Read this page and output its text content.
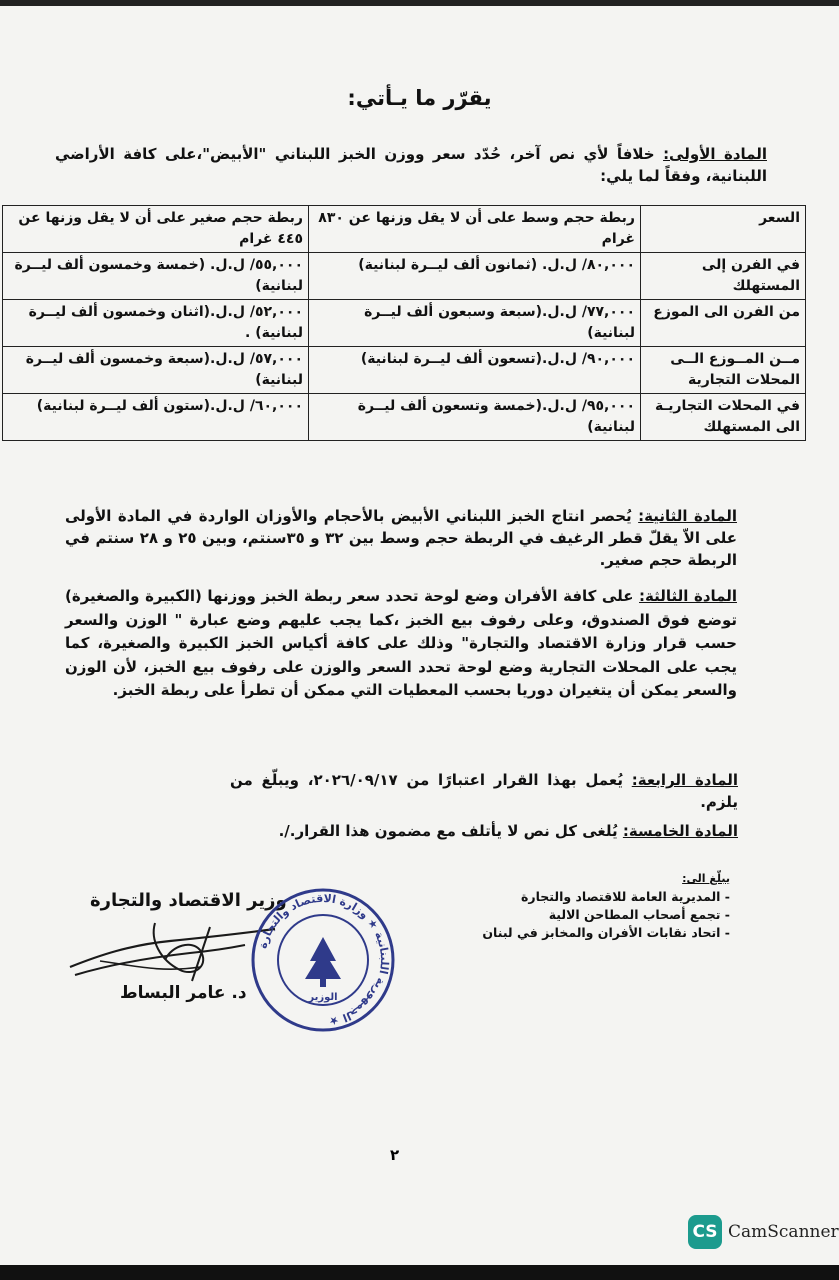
يقرّر ما يـأتي:
المادة الأولى: خلافاً لأي نص آخر، حُدّد سعر ووزن الخبز اللبناني "الأبيض"،على كافة الأراضي اللبنانية، وفقاً لما يلي:
السعر	ربطة حجم وسط على أن لا يقل وزنها عن ٨٣٠ غرام	ربطة حجم صغير على أن لا يقل وزنها عن ٤٤٥ غرام
في الفرن إلى المستهلك	٨٠,٠٠٠/ ل.ل. (ثمانون ألف ليــرة لبنانية)	٥٥,٠٠٠/ ل.ل. (خمسة وخمسون ألف ليــرة لبنانية)
من الفرن الى الموزع	٧٧,٠٠٠/ ل.ل.(سبعة وسبعون ألف ليــرة لبنانية)	٥٢,٠٠٠/ ل.ل.(اثنان وخمسون ألف ليــرة لبنانية) .
مــن المــوزع الــى المحلات التجارية	٩٠,٠٠٠/ ل.ل.(تسعون ألف ليــرة لبنانية)	٥٧,٠٠٠/ ل.ل.(سبعة وخمسون ألف ليــرة لبنانية)
في المحلات التجاريـة الى المستهلك	٩٥,٠٠٠/ ل.ل.(خمسة وتسعون ألف ليــرة لبنانية)	٦٠,٠٠٠/ ل.ل.(ستون ألف ليــرة لبنانية)
المادة الثانية: يُحصر انتاج الخبز اللبناني الأبيض بالأحجام والأوزان الواردة في المادة الأولى على الاّ يقلّ قطر الرغيف في الربطة حجم وسط بين ٣٢ و ٣٥سنتم، وبين ٢٥ و ٢٨ سنتم في الربطة حجم صغير.
المادة الثالثة: على كافة الأفران وضع لوحة تحدد سعر ربطة الخبز ووزنها (الكبيرة والصغيرة) توضع فوق الصندوق، وعلى رفوف بيع الخبز ،كما يجب عليهم وضع عبارة " الوزن والسعر حسب قرار وزارة الاقتصاد والتجارة" وذلك على كافة أكياس الخبز الكبيرة والصغيرة، كما يجب على المحلات التجارية وضع لوحة تحدد السعر والوزن على رفوف بيع الخبز، لأن الوزن والسعر يمكن أن يتغيران دوريا بحسب المعطيات التي ممكن أن تطرأ على ربطة الخبز.
المادة الرابعة: يُعمل بهذا القرار اعتبارًا من ٢٠٢٦/٠٩/١٧، ويبلّغ من يلزم.
المادة الخامسة: يُلغى كل نص لا يأتلف مع مضمون هذا القرار./.
يبلّغ الى:
- المديرية العامة للاقتصاد والتجارة
- تجمع أصحاب المطاحن الالية
- اتحاد نقابات الأفران والمخابز في لبنان
وزير الاقتصاد والتجارة
د. عامر البساط
الجمهورية اللبنانية ★ وزارة الاقتصاد والتجارة ★
الوزير
٢
CS CamScanner
